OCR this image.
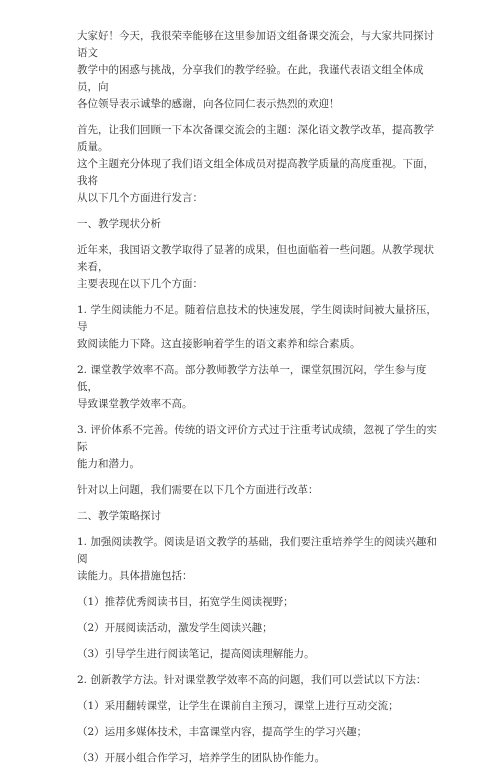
大家好！今天，我很荣幸能够在这里参加语文组备课交流会，与大家共同探讨语文
教学中的困惑与挑战，分享我们的教学经验。在此，我谨代表语文组全体成员，向
各位领导表示诚挚的感谢，向各位同仁表示热烈的欢迎！

首先，让我们回顾一下本次备课交流会的主题：深化语文教学改革，提高教学质量。
这个主题充分体现了我们语文组全体成员对提高教学质量的高度重视。下面，我将
从以下几个方面进行发言：

一、教学现状分析

近年来，我国语文教学取得了显著的成果，但也面临着一些问题。从教学现状来看，
主要表现在以下几个方面：

1. 学生阅读能力不足。随着信息技术的快速发展，学生阅读时间被大量挤压，导
致阅读能力下降。这直接影响着学生的语文素养和综合素质。

2. 课堂教学效率不高。部分教师教学方法单一，课堂氛围沉闷，学生参与度低，
导致课堂教学效率不高。

3. 评价体系不完善。传统的语文评价方式过于注重考试成绩，忽视了学生的实际
能力和潜力。

针对以上问题，我们需要在以下几个方面进行改革：

二、教学策略探讨

1. 加强阅读教学。阅读是语文教学的基础，我们要注重培养学生的阅读兴趣和阅
读能力。具体措施包括：

（1）推荐优秀阅读书目，拓宽学生阅读视野；

（2）开展阅读活动，激发学生阅读兴趣；

（3）引导学生进行阅读笔记，提高阅读理解能力。

2. 创新教学方法。针对课堂教学效率不高的问题，我们可以尝试以下方法：

（1）采用翻转课堂，让学生在课前自主预习，课堂上进行互动交流；

（2）运用多媒体技术，丰富课堂内容，提高学生的学习兴趣；

（3）开展小组合作学习，培养学生的团队协作能力。
